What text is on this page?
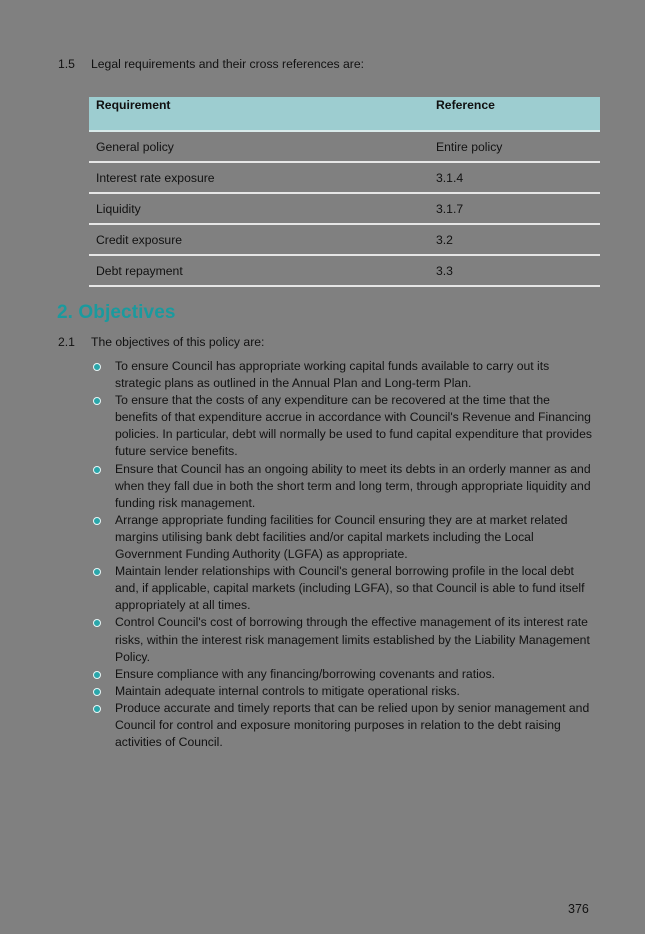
1.5	Legal requirements and their cross references are:
Requirement	Reference
General policy	Entire policy
Interest rate exposure	3.1.4
Liquidity	3.1.7
Credit exposure	3.2
Debt repayment	3.3
2. Objectives
2.1	The objectives of this policy are:
To ensure Council has appropriate working capital funds available to carry out its strategic plans as outlined in the Annual Plan and Long-term Plan.
To ensure that the costs of any expenditure can be recovered at the time that the benefits of that expenditure accrue in accordance with Council's Revenue and Financing policies. In particular, debt will normally be used to fund capital expenditure that provides future service benefits.
Ensure that Council has an ongoing ability to meet its debts in an orderly manner as and when they fall due in both the short term and long term, through appropriate liquidity and funding risk management.
Arrange appropriate funding facilities for Council ensuring they are at market related margins utilising bank debt facilities and/or capital markets including the Local Government Funding Authority (LGFA) as appropriate.
Maintain lender relationships with Council's general borrowing profile in the local debt and, if applicable, capital markets (including LGFA), so that Council is able to fund itself appropriately at all times.
Control Council's cost of borrowing through the effective management of its interest rate risks, within the interest risk management limits established by the Liability Management Policy.
Ensure compliance with any financing/borrowing covenants and ratios.
Maintain adequate internal controls to mitigate operational risks.
Produce accurate and timely reports that can be relied upon by senior management and Council for control and exposure monitoring purposes in relation to the debt raising activities of Council.
376
